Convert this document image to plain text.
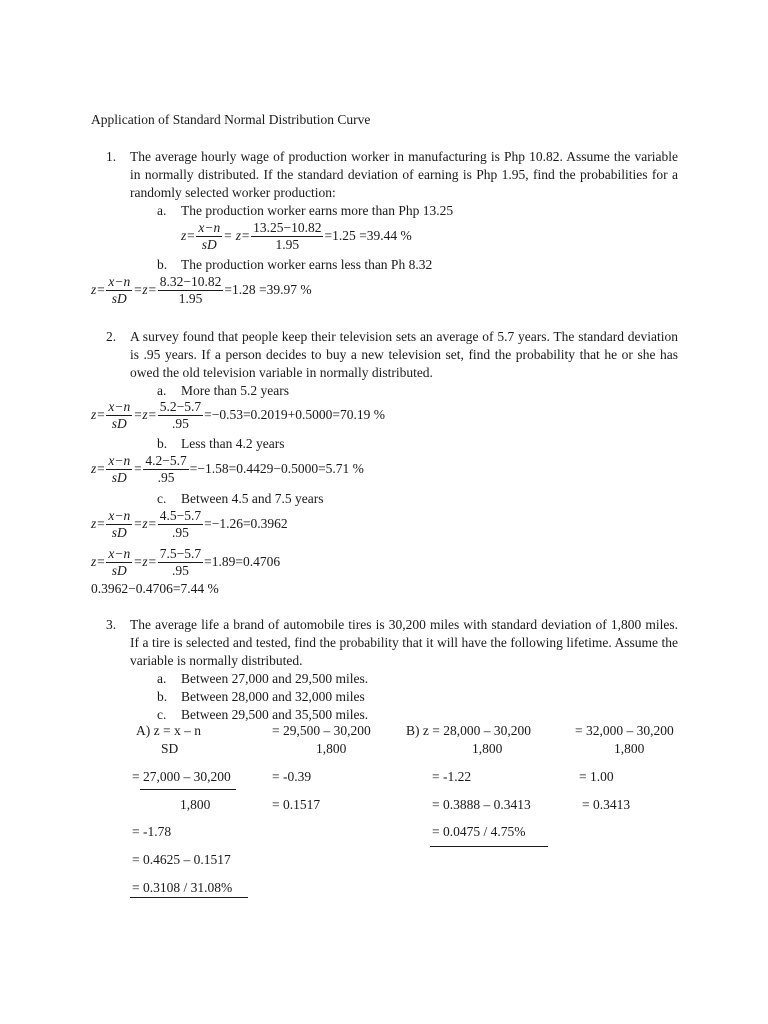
Application of Standard Normal Distribution Curve
1. The average hourly wage of production worker in manufacturing is Php 10.82. Assume the variable in normally distributed. If the standard deviation of earning is Php 1.95, find the probabilities for a randomly selected worker production:
a. The production worker earns more than Php 13.25
$z= \frac{x-n}{sD} = z= \frac{13.25-10.82}{1.95} =1.25 =39.44$ %
b. The production worker earns less than Ph 8.32
$z= \frac{x-n}{sD} =z= \frac{8.32-10.82}{1.95} =1.28 =39.97$ %
2. A survey found that people keep their television sets an average of 5.7 years. The standard deviation is .95 years. If a person decides to buy a new television set, find the probability that he or she has owed the old television variable in normally distributed.
a. More than 5.2 years
$z= \frac{x-n}{sD} =z= \frac{5.2-5.7}{.95} =-0.53=0.2019+0.5000=70.19$ %
b. Less than 4.2 years
$z= \frac{x-n}{sD} = \frac{4.2-5.7}{.95} =-1.58=0.4429-0.5000=5.71$ %
c. Between 4.5 and 7.5 years
$z= \frac{x-n}{sD} =z= \frac{4.5-5.7}{.95} =-1.26=0.3962$
$z= \frac{x-n}{sD} =z= \frac{7.5-5.7}{.95} =1.89=0.4706$
0.3962−0.4706=7.44 %
3. The average life a brand of automobile tires is 30,200 miles with standard deviation of 1,800 miles. If a tire is selected and tested, find the probability that it will have the following lifetime. Assume the variable is normally distributed.
a. Between 27,000 and 29,500 miles.
b. Between 28,000 and 32,000 miles
c. Between 29,500 and 35,500 miles.
A) z = x – n
SD
= 29,500 – 30,200
1,800
B) z = 28,000 – 30,200
1,800
= 32,000 – 30,200
1,800
= 27,000 – 30,200
1,800
= -1.78
= 0.4625 – 0.1517
= 0.3108 / 31.08%
= -0.39
= 0.1517
= -1.22
= 0.3888 – 0.3413
= 0.0475 / 4.75%
= 1.00
= 0.3413
